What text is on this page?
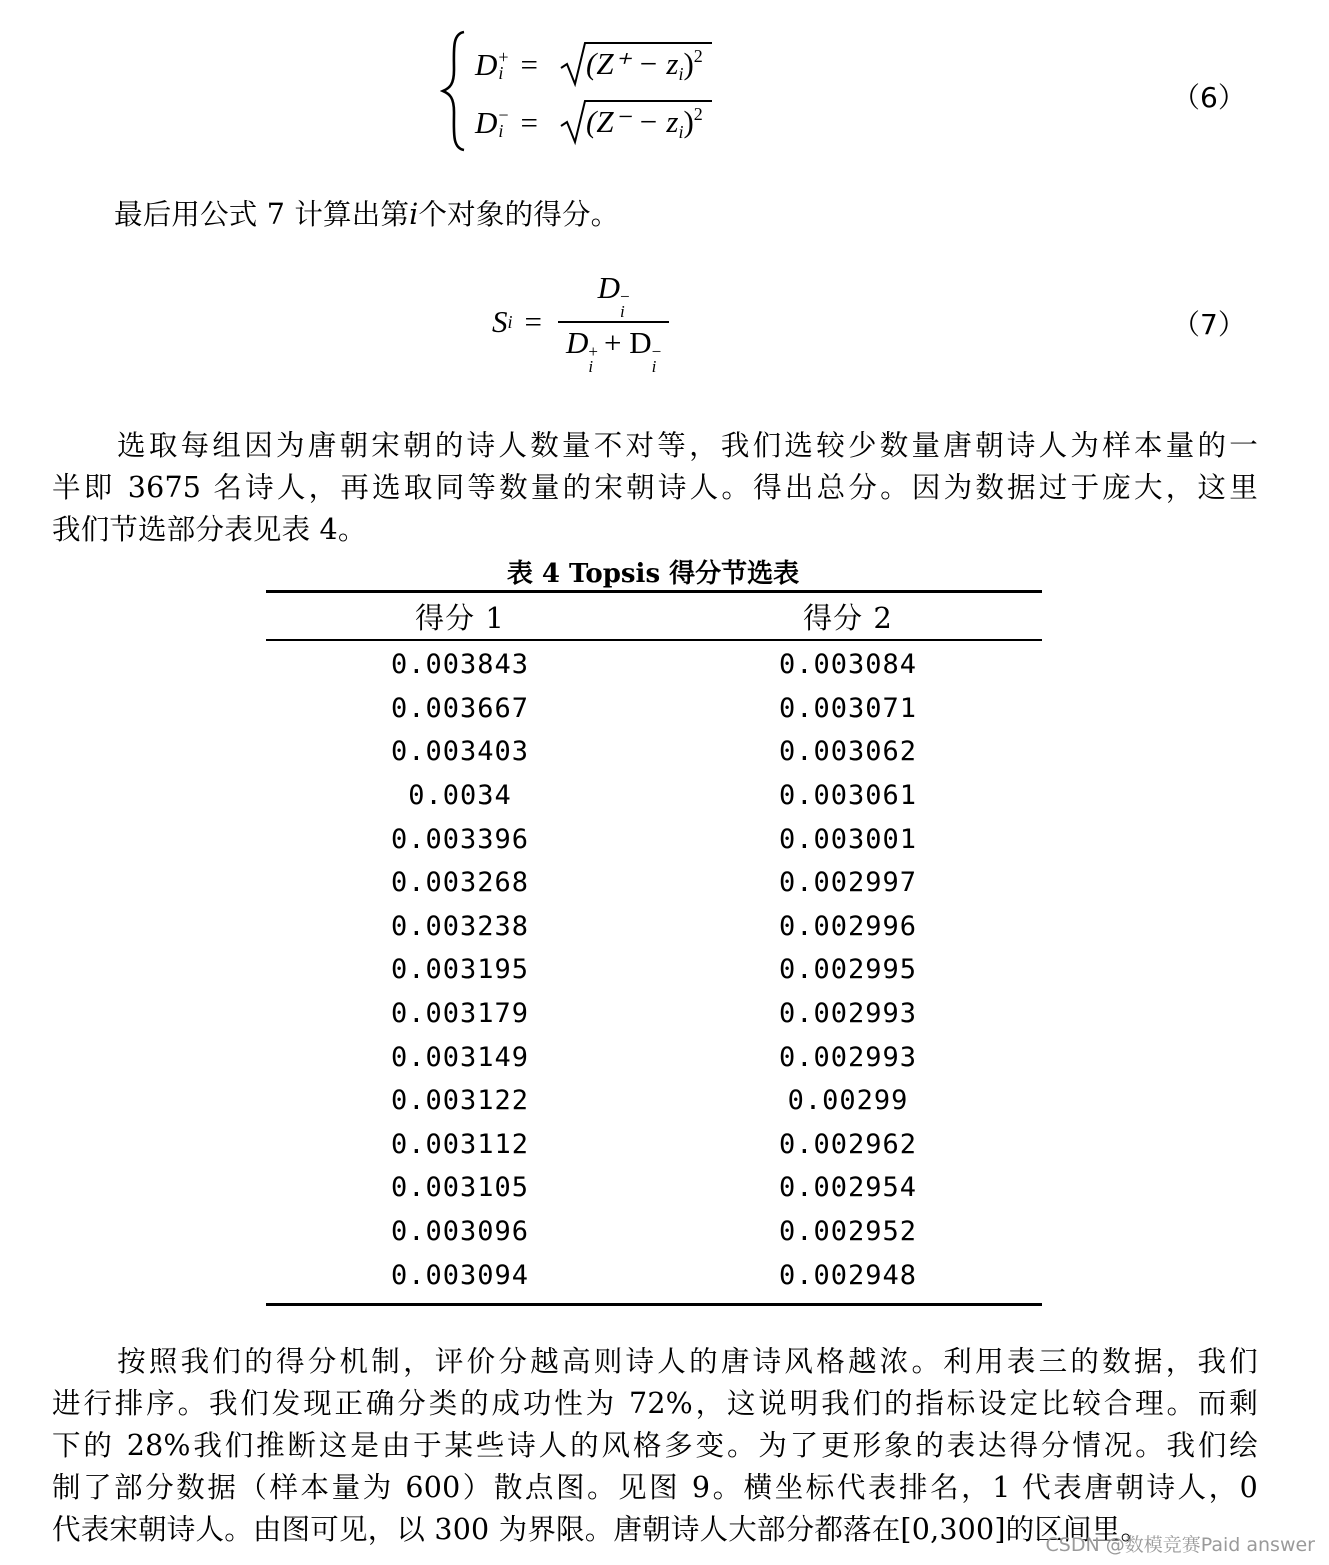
D +
i =	$(Z^+ - z_i)^2$
D −
i =	$(Z^- - z_i)^2$	（6）
最后用公式 7 计算出第𝑖个对象的得分。
S i = D −
i
D +
i
+ D −
i	（7）
选取每组因为唐朝宋朝的诗人数量不对等，我们选较少数量唐朝诗人为样本量的一
半即 3675 名诗人，再选取同等数量的宋朝诗人。得出总分。因为数据过于庞大，这里
我们节选部分表见表 4。
表 4 Topsis 得分节选表
得分 1	得分 2
0.003843	0.003084
0.003667	0.003071
0.003403	0.003062
0.0034	0.003061
0.003396	0.003001
0.003268	0.002997
0.003238	0.002996
0.003195	0.002995
0.003179	0.002993
0.003149	0.002993
0.003122	0.00299
0.003112	0.002962
0.003105	0.002954
0.003096	0.002952
0.003094	0.002948
按照我们的得分机制，评价分越高则诗人的唐诗风格越浓。利用表三的数据，我们
进行排序。我们发现正确分类的成功性为 72%，这说明我们的指标设定比较合理。而剩
下的 28%我们推断这是由于某些诗人的风格多变。为了更形象的表达得分情况。我们绘
制了部分数据（样本量为 600）散点图。见图 9。横坐标代表排名，1 代表唐朝诗人，0
代表宋朝诗人。由图可见，以 300 为界限。唐朝诗人大部分都落在[0,300]的区间里。
CSDN @数模竞赛Paid answer
